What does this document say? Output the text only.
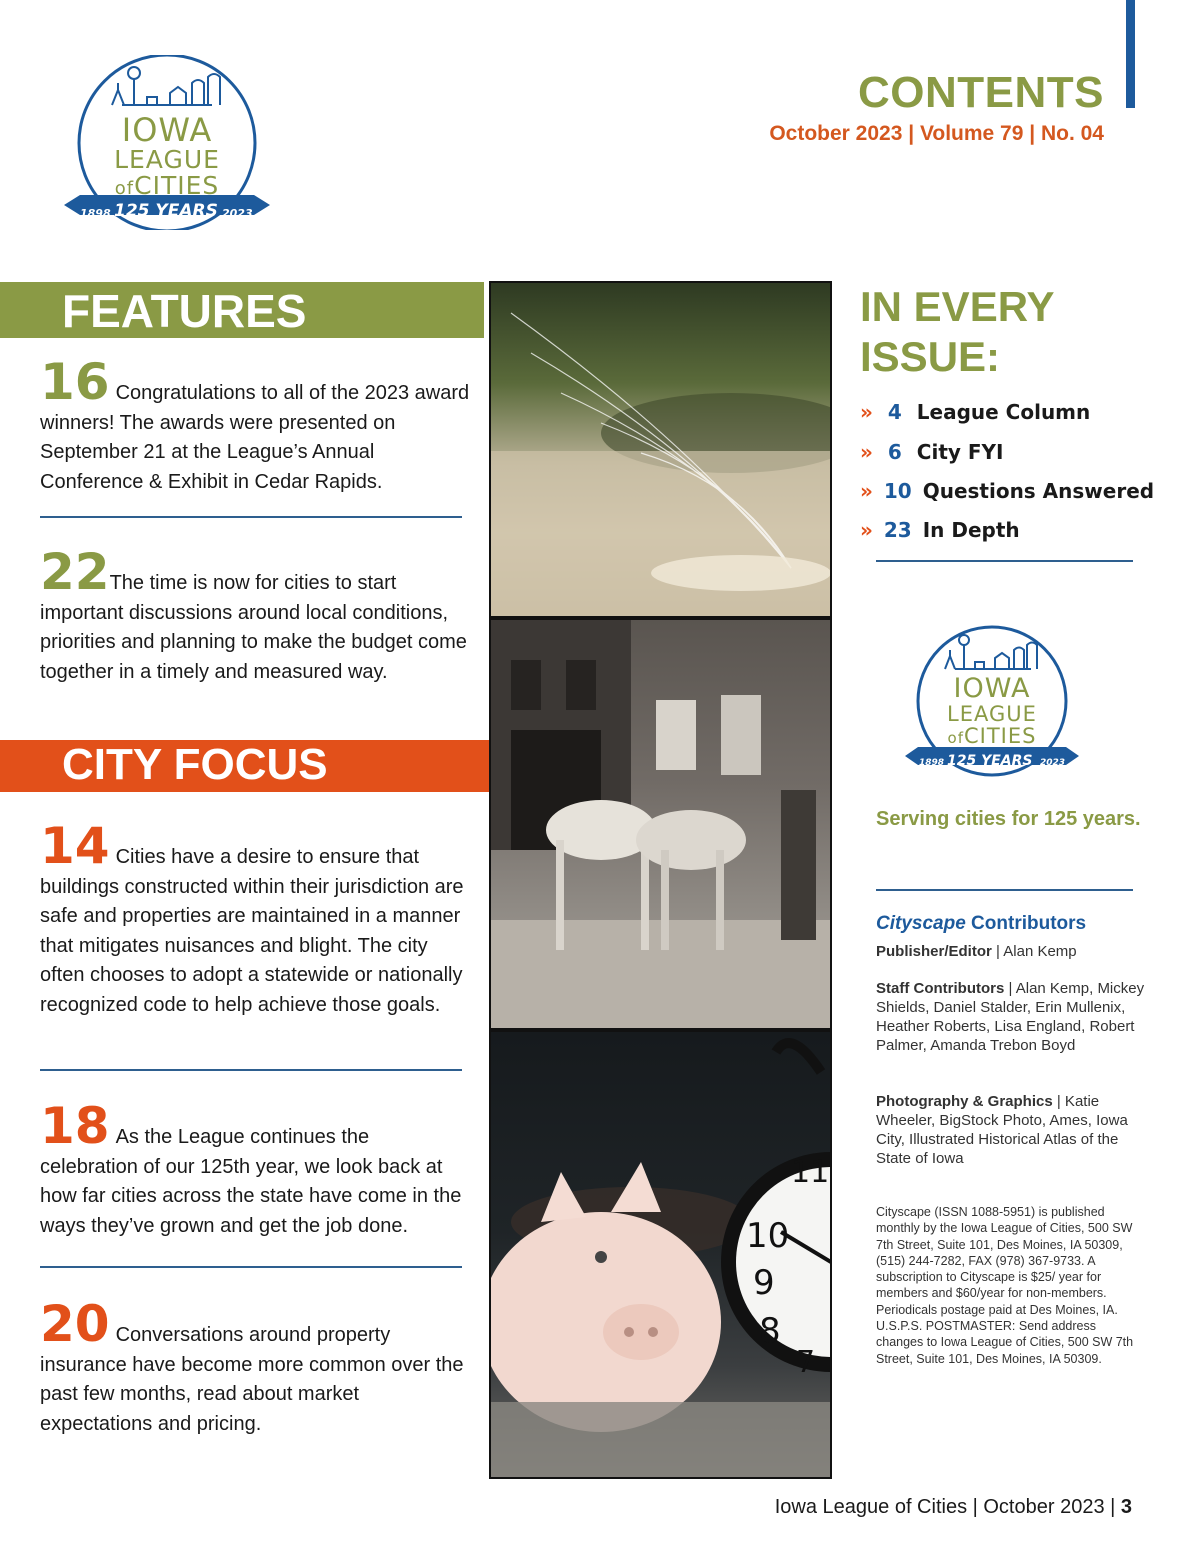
IOWA
LEAGUE
ofCITIES
1898 125 YEARS 2023
CONTENTS
October 2023 | Volume 79 | No. 04
FEATURES
16 Congratulations to all of the 2023 award winners! The awards were presented on September 21 at the League’s Annual Conference & Exhibit in Cedar Rapids.
22The time is now for cities to start important discussions around local conditions, priorities and planning to make the budget come together in a timely and measured way.
CITY FOCUS
14 Cities have a desire to ensure that buildings constructed within their jurisdiction are safe and properties are maintained in a manner that mitigates nuisances and blight. The city often chooses to adopt a statewide or nationally recognized code to help achieve those goals.
18 As the League continues the celebration of our 125th year, we look back at how far cities across the state have come in the ways they’ve grown and get the job done.
20 Conversations around property insurance have become more common over the past few months, read about market expectations and pricing.
10
9
8
11
7
IN EVERY ISSUE:
» 4 League Column
» 6 City FYI
» 10 Questions Answered
» 23 In Depth
IOWA
LEAGUE
ofCITIES
1898 125 YEARS 2023
Serving cities for 125 years.
Cityscape Contributors
Publisher/Editor | Alan Kemp
Staff Contributors | Alan Kemp, Mickey Shields, Daniel Stalder, Erin Mullenix, Heather Roberts, Lisa England, Robert Palmer, Amanda Trebon Boyd
Photography & Graphics | Katie Wheeler, BigStock Photo, Ames, Iowa City, Illustrated Historical Atlas of the State of Iowa
Cityscape (ISSN 1088-5951) is published monthly by the Iowa League of Cities, 500 SW 7th Street, Suite 101, Des Moines, IA 50309, (515) 244-7282, FAX (978) 367-9733. A subscription to Cityscape is $25/ year for members and $60/year for non-members. Periodicals postage paid at Des Moines, IA. U.S.P.S. POSTMASTER: Send address changes to Iowa League of Cities, 500 SW 7th Street, Suite 101, Des Moines, IA 50309.
Iowa League of Cities | October 2023 | 3
